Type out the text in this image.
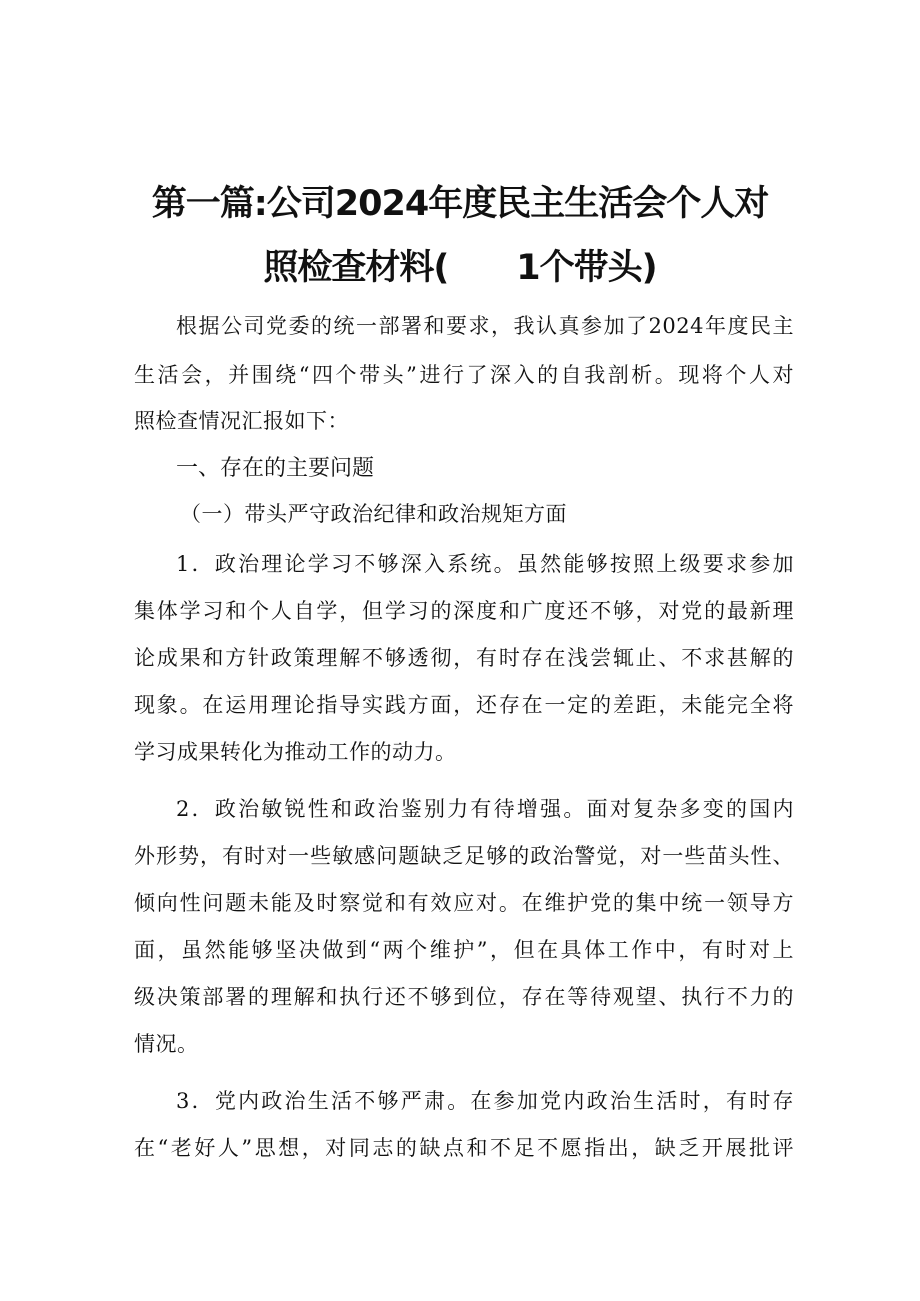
第一篇:公司2024年度民主生活会个人对
照检查材料(　　1个带头)
根据公司党委的统一部署和要求，我认真参加了2024年度民主
生活会，并围绕“四个带头”进行了深入的自我剖析。现将个人对
照检查情况汇报如下：
一、存在的主要问题
（一）带头严守政治纪律和政治规矩方面
1．政治理论学习不够深入系统。虽然能够按照上级要求参加
集体学习和个人自学，但学习的深度和广度还不够，对党的最新理
论成果和方针政策理解不够透彻，有时存在浅尝辄止、不求甚解的
现象。在运用理论指导实践方面，还存在一定的差距，未能完全将
学习成果转化为推动工作的动力。
2．政治敏锐性和政治鉴别力有待增强。面对复杂多变的国内
外形势，有时对一些敏感问题缺乏足够的政治警觉，对一些苗头性、
倾向性问题未能及时察觉和有效应对。在维护党的集中统一领导方
面，虽然能够坚决做到“两个维护”，但在具体工作中，有时对上
级决策部署的理解和执行还不够到位，存在等待观望、执行不力的
情况。
3．党内政治生活不够严肃。在参加党内政治生活时，有时存
在“老好人”思想，对同志的缺点和不足不愿指出，缺乏开展批评
